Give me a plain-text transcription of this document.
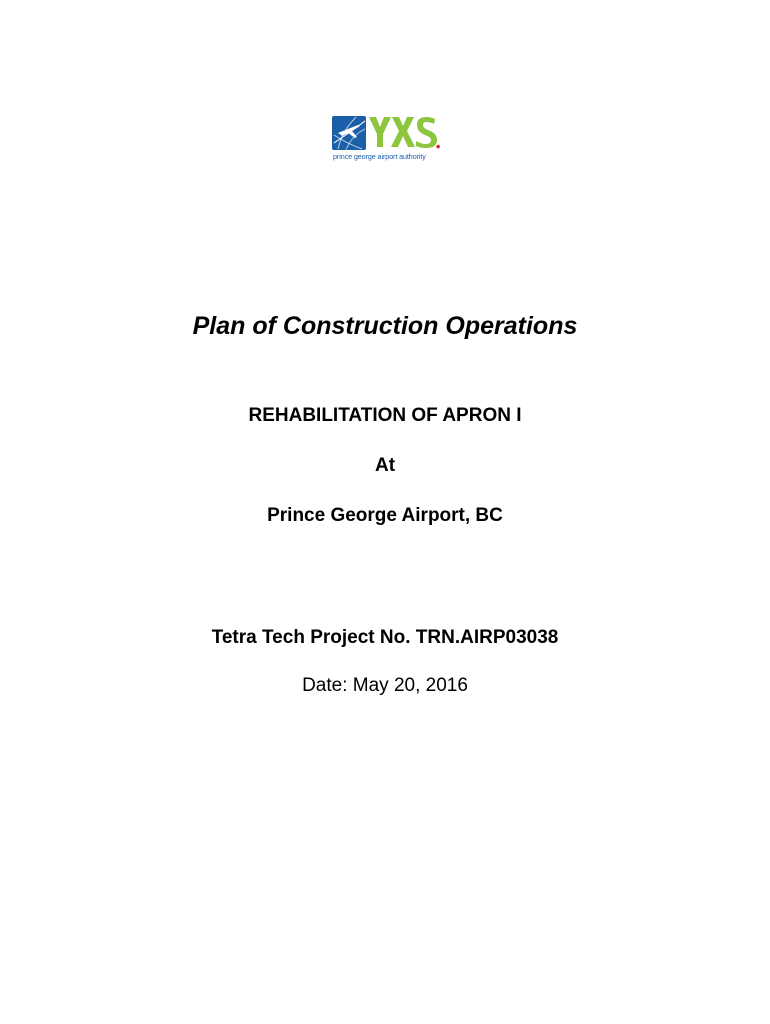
prince george airport authority
Plan of Construction Operations
REHABILITATION OF APRON I
At
Prince George Airport, BC
Tetra Tech Project No. TRN.AIRP03038
Date: May 20, 2016
